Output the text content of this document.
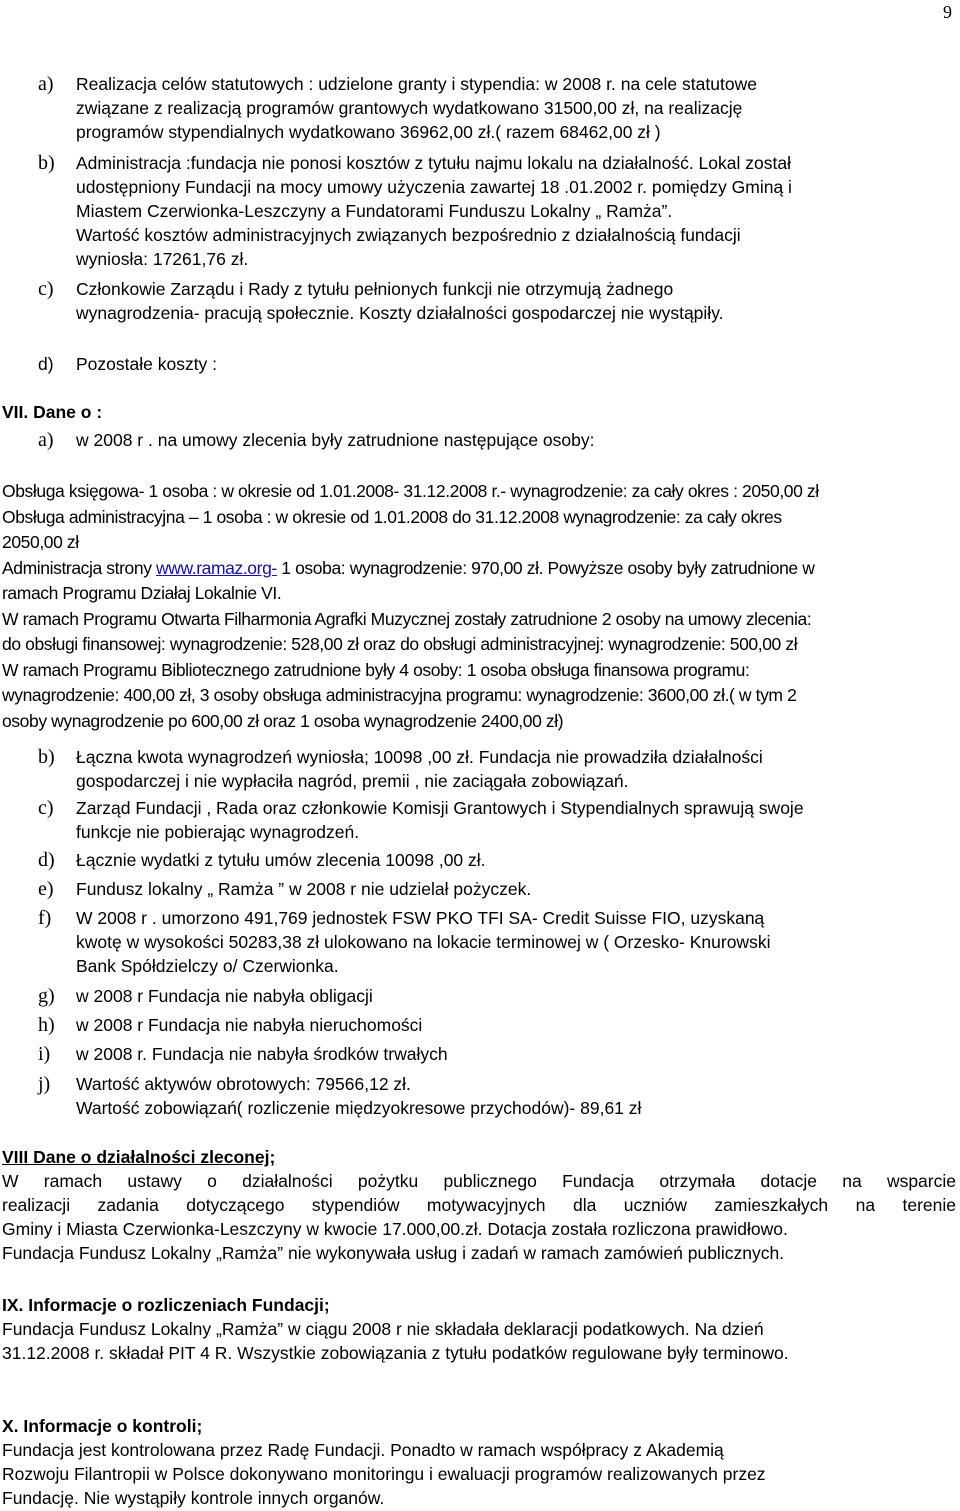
9
a) Realizacja celów statutowych : udzielone granty i stypendia: w 2008 r. na cele statutowe
związane z realizacją programów grantowych wydatkowano 31500,00 zł, na realizację
programów stypendialnych wydatkowano 36962,00 zł.( razem 68462,00 zł )
b) Administracja :fundacja nie ponosi kosztów z tytułu najmu lokalu na działalność. Lokal został
udostępniony Fundacji na mocy umowy użyczenia zawartej 18 .01.2002 r. pomiędzy Gminą i
Miastem Czerwionka-Leszczyny a Fundatorami Funduszu Lokalny „ Ramża”.
Wartość kosztów administracyjnych związanych bezpośrednio z działalnością fundacji
wyniosła: 17261,76 zł.
c) Członkowie Zarządu i Rady z tytułu pełnionych funkcji nie otrzymują żadnego
wynagrodzenia- pracują społecznie. Koszty działalności gospodarczej nie wystąpiły.
d) Pozostałe koszty :
VII. Dane o :
a) w 2008 r . na umowy zlecenia były zatrudnione następujące osoby:

Obsługa księgowa- 1 osoba : w okresie od 1.01.2008- 31.12.2008 r.- wynagrodzenie: za cały okres : 2050,00 zł

Obsługa administracyjna – 1 osoba : w okresie od 1.01.2008 do 31.12.2008 wynagrodzenie: za cały okres

2050,00 zł

Administracja strony www.ramaz.org- 1 osoba: wynagrodzenie: 970,00 zł. Powyższe osoby były zatrudnione w

ramach Programu Działaj Lokalnie VI.

W ramach Programu Otwarta Filharmonia Agrafki Muzycznej zostały zatrudnione 2 osoby na umowy zlecenia:

do obsługi finansowej: wynagrodzenie: 528,00 zł oraz do obsługi administracyjnej: wynagrodzenie: 500,00 zł

W ramach Programu Bibliotecznego zatrudnione były 4 osoby: 1 osoba obsługa finansowa programu:

wynagrodzenie: 400,00 zł, 3 osoby obsługa administracyjna programu: wynagrodzenie: 3600,00 zł.( w tym 2

osoby wynagrodzenie po 600,00 zł oraz 1 osoba wynagrodzenie 2400,00 zł)

b) Łączna kwota wynagrodzeń wyniosła; 10098 ,00 zł. Fundacja nie prowadziła działalności
gospodarczej i nie wypłaciła nagród, premii , nie zaciągała zobowiązań.
c) Zarząd Fundacji , Rada oraz członkowie Komisji Grantowych i Stypendialnych sprawują swoje
funkcje nie pobierając wynagrodzeń.
d) Łącznie wydatki z tytułu umów zlecenia 10098 ,00 zł.
e) Fundusz lokalny „ Ramża ” w 2008 r nie udzielał pożyczek.
f) W 2008 r . umorzono 491,769 jednostek FSW PKO TFI SA- Credit Suisse FIO, uzyskaną
kwotę w wysokości 50283,38 zł ulokowano na lokacie terminowej w ( Orzesko- Knurowski
Bank Spółdzielczy o/ Czerwionka.
g) w 2008 r Fundacja nie nabyła obligacji
h) w 2008 r Fundacja nie nabyła nieruchomości
i) w 2008 r. Fundacja nie nabyła środków trwałych
j) Wartość aktywów obrotowych: 79566,12 zł.
Wartość zobowiązań( rozliczenie międzyokresowe przychodów)- 89,61 zł

VIII Dane o działalności zleconej;

W ramach ustawy o działalności pożytku publicznego Fundacja otrzymała dotacje na wsparcie

realizacji zadania dotyczącego stypendiów motywacyjnych dla uczniów zamieszkałych na terenie

Gminy i Miasta Czerwionka-Leszczyny w kwocie 17.000,00.zł. Dotacja została rozliczona prawidłowo.

Fundacja Fundusz Lokalny „Ramża” nie wykonywała usług i zadań w ramach zamówień publicznych.

IX. Informacje o rozliczeniach Fundacji;

Fundacja Fundusz Lokalny „Ramża” w ciągu 2008 r nie składała deklaracji podatkowych. Na dzień

31.12.2008 r. składał PIT 4 R. Wszystkie zobowiązania z tytułu podatków regulowane były terminowo.

X. Informacje o kontroli;

Fundacja jest kontrolowana przez Radę Fundacji. Ponadto w ramach współpracy z Akademią

Rozwoju Filantropii w Polsce dokonywano monitoringu i ewaluacji programów realizowanych przez

Fundację. Nie wystąpiły kontrole innych organów.
